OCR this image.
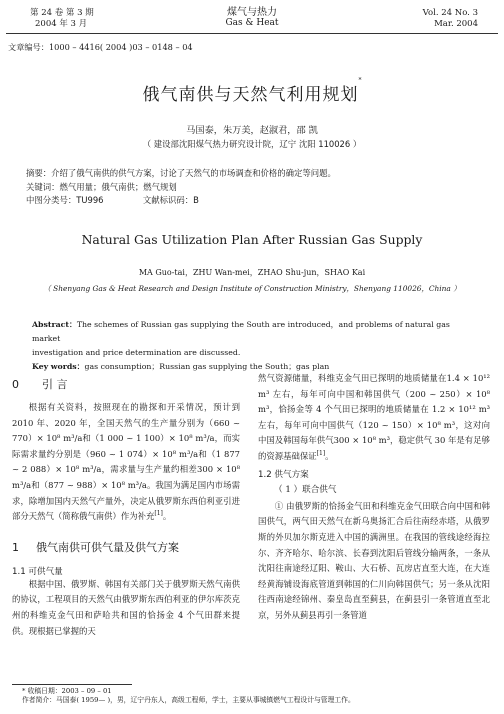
第 24 卷 第 3 期
2004 年 3 月
煤气与热力
Gas & Heat
Vol. 24 No. 3
Mar. 2004
文章编号：1000 – 4416( 2004 )03 – 0148 – 04
俄气南供与天然气利用规划*
马国泰，朱万美，赵淑君，邵 凯
（ 建设部沈阳煤气热力研究设计院，辽宁 沈阳 110026 ）
摘要：介绍了俄气南供的供气方案，讨论了天然气的市场调查和价格的确定等问题。
关键词：燃气用量；俄气南供；燃气规划
中图分类号：TU996	文献标识码：B
Natural Gas Utilization Plan After Russian Gas Supply
MA Guo-tai，ZHU Wan-mei，ZHAO Shu-jun，SHAO Kai
（ Shenyang Gas & Heat Research and Design Institute of Construction Ministry，Shenyang 110026，China ）
Abstract：The schemes of Russian gas supplying the South are introduced，and problems of natural gas market
investigation and price determination are discussed.
Key words：gas consumption；Russian gas supplying the South；gas plan
0 引 言

根据有关资料，按照现在的勘探和开采情况，预计到 2010 年、2020 年，全国天然气的生产量分别为（660 ~ 770）× 10⁸ m³/a和（1 000 ~ 1 100）× 10⁸ m³/a，而实际需求量约分别是（960 ~ 1 074）× 10⁸ m³/a和（1 877 ~ 2 088）× 10⁸ m³/a，需求量与生产量约相差300 × 10⁸ m³/a和（877 ~ 988）× 10⁸ m³/a。我国为满足国内市场需求，除增加国内天然气产量外，决定从俄罗斯东西伯利亚引进部分天然气（简称俄气南供）作为补充[1]。

1 俄气南供可供气量及供气方案
1.1 可供气量

根据中国、俄罗斯、韩国有关部门关于俄罗斯天然气南供的协议，工程项目的天然气由俄罗斯东西伯利亚的伊尔库茨克州的科维克金气田和萨哈共和国的恰扬金 4 个气田群来提供。现根据已掌握的天

然气资源储量，科维克金气田已探明的地质储量在1.4 × 10¹² m³ 左右，每年可向中国和韩国供气（200 ~ 250）× 10⁸ m³，恰扬金等 4 个气田已探明的地质储量在 1.2 × 10¹² m³ 左右，每年可向中国供气（120 ~ 150）× 10⁸ m³，这对向中国及韩国每年供气300 × 10⁸ m³，稳定供气 30 年是有足够的资源基础保证[1]。

1.2 供气方案
（ 1 ）联合供气

① 由俄罗斯的恰扬金气田和科维克金气田联合向中国和韩国供气，两气田天然气在新乌奥扬汇合后往南经赤塔，从俄罗斯的外贝加尔斯克进入中国的满洲里。在我国的管线途经海拉尔、齐齐哈尔、哈尔滨、长春到沈阳后管线分输两条，一条从沈阳往南途经辽阳、鞍山、大石桥、瓦房店直至大连，在大连经黄海铺设海底管道到韩国的仁川向韩国供气；另一条从沈阳往西南途经锦州、秦皇岛直至蓟县，在蓟县引一条管道直至北京，另外从蓟县再引一条管道

* 收稿日期：2003 – 09 – 01
作者简介：马国泰( 1959— )，男，辽宁丹东人，高级工程师，学士，主要从事城镇燃气工程设计与管理工作。
